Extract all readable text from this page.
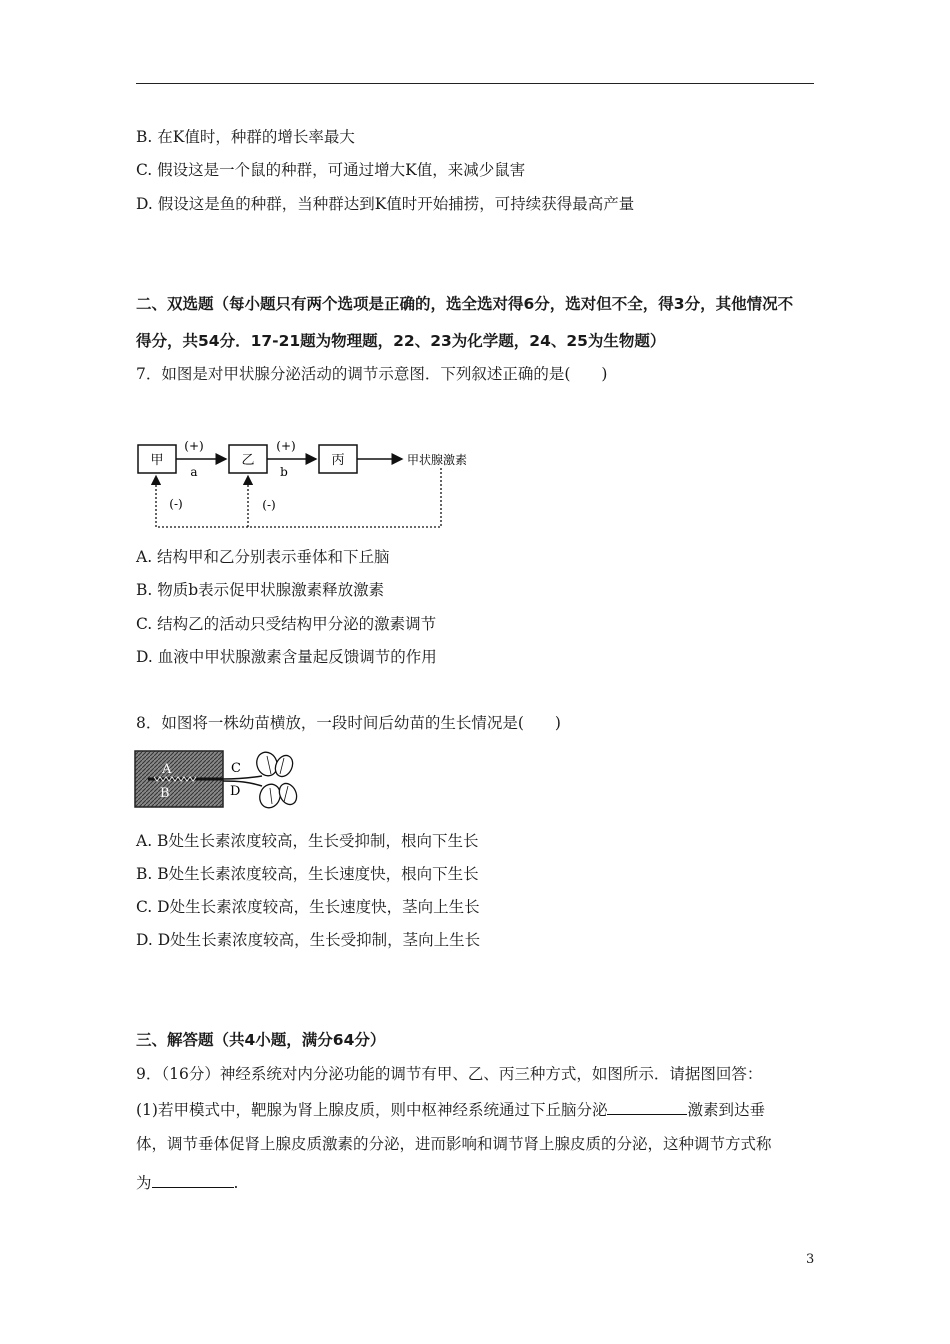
B. 在K值时，种群的增长率最大
C. 假设这是一个鼠的种群，可通过增大K值，来减少鼠害
D. 假设这是鱼的种群，当种群达到K值时开始捕捞，可持续获得最高产量
二、双选题（每小题只有两个选项是正确的，选全选对得6分，选对但不全，得3分，其他情况不
得分，共54分．17-21题为物理题，22、23为化学题，24、25为生物题）
7．如图是对甲状腺分泌活动的调节示意图．下列叙述正确的是(　　)
甲
(+)
a
乙
(+)
b
丙	甲状腺激素
(-)	(-)
A. 结构甲和乙分别表示垂体和下丘脑
B. 物质b表示促甲状腺激素释放激素
C. 结构乙的活动只受结构甲分泌的激素调节
D. 血液中甲状腺激素含量起反馈调节的作用
8．如图将一株幼苗横放，一段时间后幼苗的生长情况是(　　)
A
B
C
D
A. B处生长素浓度较高，生长受抑制，根向下生长
B. B处生长素浓度较高，生长速度快，根向下生长
C. D处生长素浓度较高，生长速度快，茎向上生长
D. D处生长素浓度较高，生长受抑制，茎向上生长
三、解答题（共4小题，满分64分）
9．（16分）神经系统对内分泌功能的调节有甲、乙、丙三种方式，如图所示．请据图回答：
(1)若甲模式中，靶腺为肾上腺皮质，则中枢神经系统通过下丘脑分泌	激素到达垂
体，调节垂体促肾上腺皮质激素的分泌，进而影响和调节肾上腺皮质的分泌，这种调节方式称
为	.
3
